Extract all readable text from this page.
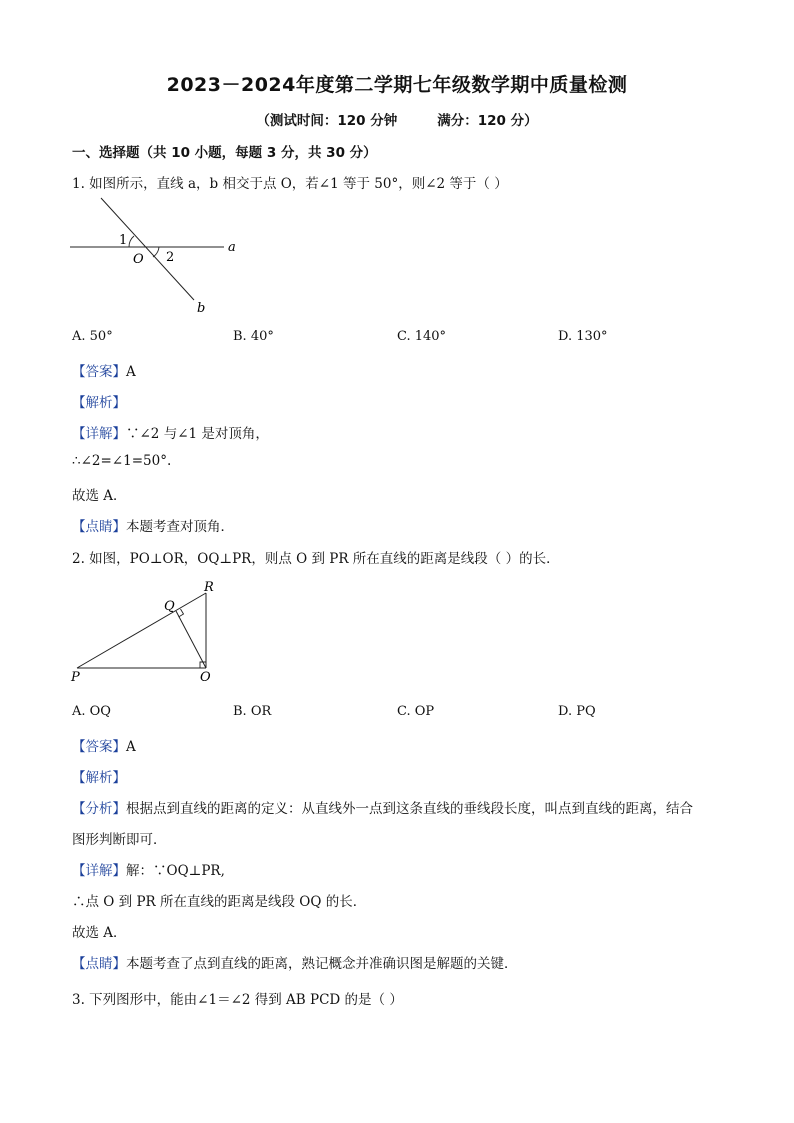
2023－2024年度第二学期七年级数学期中质量检测
（测试时间：120 分钟	满分：120 分）
一、选择题（共 10 小题，每题 3 分，共 30 分）
1. 如图所示，直线 a，b 相交于点 O，若∠1 等于 50°，则∠2 等于（ ）
1
2
O
a
b
A. 50°	B. 40°	C. 140°	D. 130°
【答案】A
【解析】
【详解】∵∠2 与∠1 是对顶角，
∴∠2=∠1=50°.
故选 A．
【点睛】本题考查对顶角．
2. 如图，PO⊥OR，OQ⊥PR，则点 O 到 PR 所在直线的距离是线段（ ）的长．
P	O
R
Q
A. OQ	B. OR	C. OP	D. PQ
【答案】A
【解析】
【分析】根据点到直线的距离的定义：从直线外一点到这条直线的垂线段长度，叫点到直线的距离，结合
图形判断即可．
【详解】解：∵OQ⊥PR,
∴点 O 到 PR 所在直线的距离是线段 OQ 的长．
故选 A．
【点睛】本题考查了点到直线的距离，熟记概念并准确识图是解题的关键．
3. 下列图形中，能由∠1＝∠2 得到 AB PCD 的是（ ）
